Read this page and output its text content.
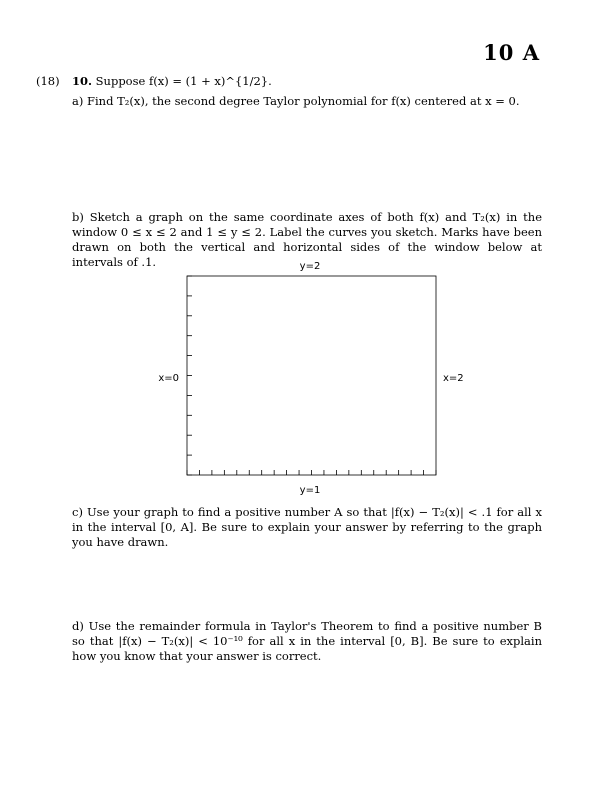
10 A
(18) 10. Suppose f(x) = (1 + x)^{1/2}.
a) Find T₂(x), the second degree Taylor polynomial for f(x) centered at x = 0.
b) Sketch a graph on the same coordinate axes of both f(x) and T₂(x) in the window 0 ≤ x ≤ 2 and 1 ≤ y ≤ 2. Label the curves you sketch. Marks have been drawn on both the vertical and horizontal sides of the window below at intervals of .1.	y=2
y=1
x=0	x=2
c) Use your graph to find a positive number A so that |f(x) − T₂(x)| < .1 for all x in the interval [0, A]. Be sure to explain your answer by referring to the graph you have drawn.
d) Use the remainder formula in Taylor's Theorem to find a positive number B so that |f(x) − T₂(x)| < 10⁻¹⁰ for all x in the interval [0, B]. Be sure to explain how you know that your answer is correct.
